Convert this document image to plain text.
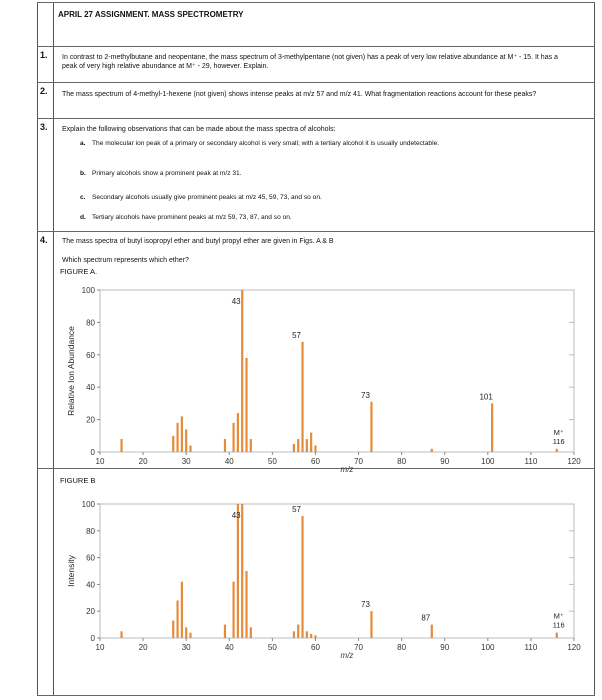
APRIL 27 ASSIGNMENT. MASS SPECTROMETRY
1. In contrast to 2-methylbutane and neopentane, the mass spectrum of 3-methylpentane (not given) has a peak of very low relative abundance at M⁺ - 15. It has a peak of very high relative abundance at M⁺ - 29, however. Explain.
2. The mass spectrum of 4-methyl-1-hexene (not given) shows intense peaks at m/z 57 and m/z 41. What fragmentation reactions account for these peaks?
3. Explain the following observations that can be made about the mass spectra of alcohols:
a. The molecular ion peak of a primary or secondary alcohol is very small; with a tertiary alcohol it is usually undetectable.
b. Primary alcohols show a prominent peak at m/z 31.
c. Secondary alcohols usually give prominent peaks at m/z 45, 59, 73, and so on.
d. Tertiary alcohols have prominent peaks at m/z 59, 73, 87, and so on.
4. The mass spectra of butyl isopropyl ether and butyl propyl ether are given in Figs. A & B
Which spectrum represents which ether?
FIGURE A.
0
20
40
60
80
100
10	20	30	40	50	60	70	80	90	100	110	120
43
57
73	101
M⁺
116
m/z
Relative Ion Abundance
FIGURE B
0
20
40
60
80
100
10	20	30	40	50	60	70	80	90	100	110	120
43
57
73
87	M⁺
116
m/z
Intensity
